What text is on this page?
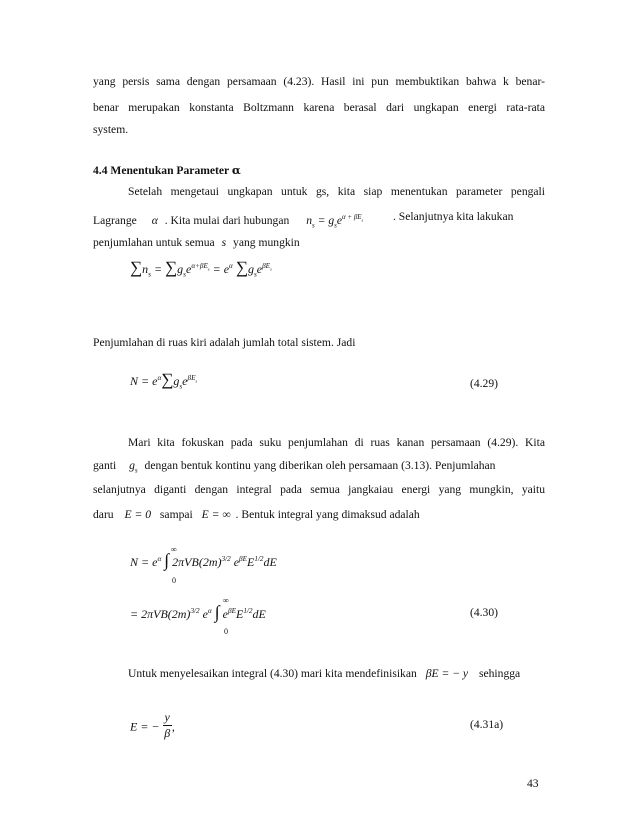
yang persis sama dengan persamaan (4.23). Hasil ini pun membuktikan bahwa k benar-
benar merupakan konstanta Boltzmann karena berasal dari ungkapan energi rata-rata
system.
4.4 Menentukan Parameter α
Setelah mengetaui ungkapan untuk gs, kita siap menentukan parameter pengali
Lagrange α . Kita mulai dari hubungan $n_s = g_se^{\alpha + \beta E_s}$	. Selanjutnya kita lakukan
penjumlahan untuk semua s yang mungkin
$\sum n_s = \sum g_se^{\alpha+\beta E_s} = e^\alpha$ $\sum g_se^{\beta E_s}$
Penjumlahan di ruas kiri adalah jumlah total sistem. Jadi
$N = e^\alpha\sum g_se^{\beta E_s}$	(4.29)
Mari kita fokuskan pada suku penjumlahan di ruas kanan persamaan (4.29). Kita
ganti $g_s$ dengan bentuk kontinu yang diberikan oleh persamaan (3.13). Penjumlahan
selanjutnya diganti dengan integral pada semua jangkaiau energi yang mungkin, yaitu
daru E = 0 sampai E = ∞ . Bentuk integral yang dimaksud adalah
$N = e^\alpha$ ∫ $2\pi VB(2m)^{3/2}$ $e^{\beta E}E^{1/2}dE$
∞
0
= $2\pi VB(2m)^{3/2}$ $e^\alpha$ ∫ $e^{\beta E}E^{1/2}dE$
∞
0
(4.30)
Untuk menyelesaikan integral (4.30) mari kita mendefinisikan βE = − y sehingga
E = − $\frac{y}{\beta}$ ,	(4.31a)
43
